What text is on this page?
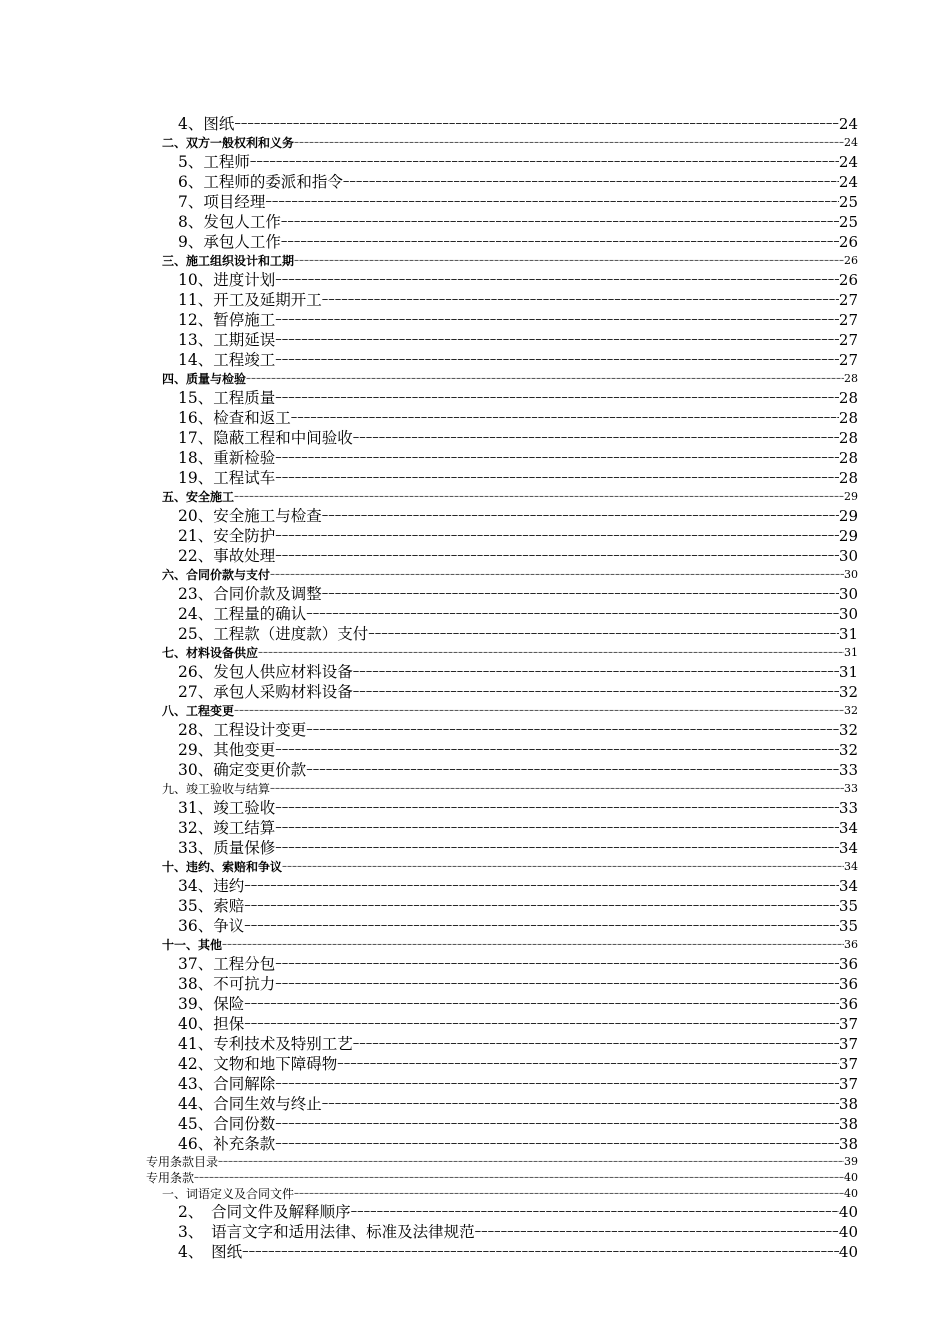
4、图纸 –––––	24
二、双方一般权利和义务 –––––	24
5、工程师 –––––	24
6、工程师的委派和指令 –––––	24
7、项目经理 –––––	25
8、发包人工作 –––––	25
9、承包人工作 –––––	26
三、施工组织设计和工期 –––––	26
10、进度计划 –––––	26
11、开工及延期开工 –––––	27
12、暂停施工 –––––	27
13、工期延误 –––––	27
14、工程竣工 –––––	27
四、质量与检验 –––––	28
15、工程质量 –––––	28
16、检查和返工 –––––	28
17、隐蔽工程和中间验收 –––––	28
18、重新检验 –––––	28
19、工程试车 –––––	28
五、安全施工 –––––	29
20、安全施工与检查 –––––	29
21、安全防护 –––––	29
22、事故处理 –––––	30
六、合同价款与支付 –––––	30
23、合同价款及调整 –––––	30
24、工程量的确认 –––––	30
25、工程款（进度款）支付 –––––	31
七、材料设备供应 –––––	31
26、发包人供应材料设备 –––––	31
27、承包人采购材料设备 –––––	32
八、工程变更 –––––	32
28、工程设计变更 –––––	32
29、其他变更 –––––	32
30、确定变更价款 –––––	33
九、竣工验收与结算 –––––	33
31、竣工验收 –––––	33
32、竣工结算 –––––	34
33、质量保修 –––––	34
十、违约、索赔和争议 –––––	34
34、违约 –––––	34
35、索赔 –––––	35
36、争议 –––––	35
十一、其他 –––––	36
37、工程分包 –––––	36
38、不可抗力 –––––	36
39、保险 –––––	36
40、担保 –––––	37
41、专利技术及特别工艺 –––––	37
42、文物和地下障碍物 –––––	37
43、合同解除 –––––	37
44、合同生效与终止 –––––	38
45、合同份数 –––––	38
46、补充条款 –––––	38
专用条款目录 –––––	39
专用条款 –––––	40
一、词语定义及合同文件 –––––	40
2、　合同文件及解释顺序 –––––	40
3、　语言文字和适用法律、标准及法律规范 –––––	40
4、　图纸 –––––	40
